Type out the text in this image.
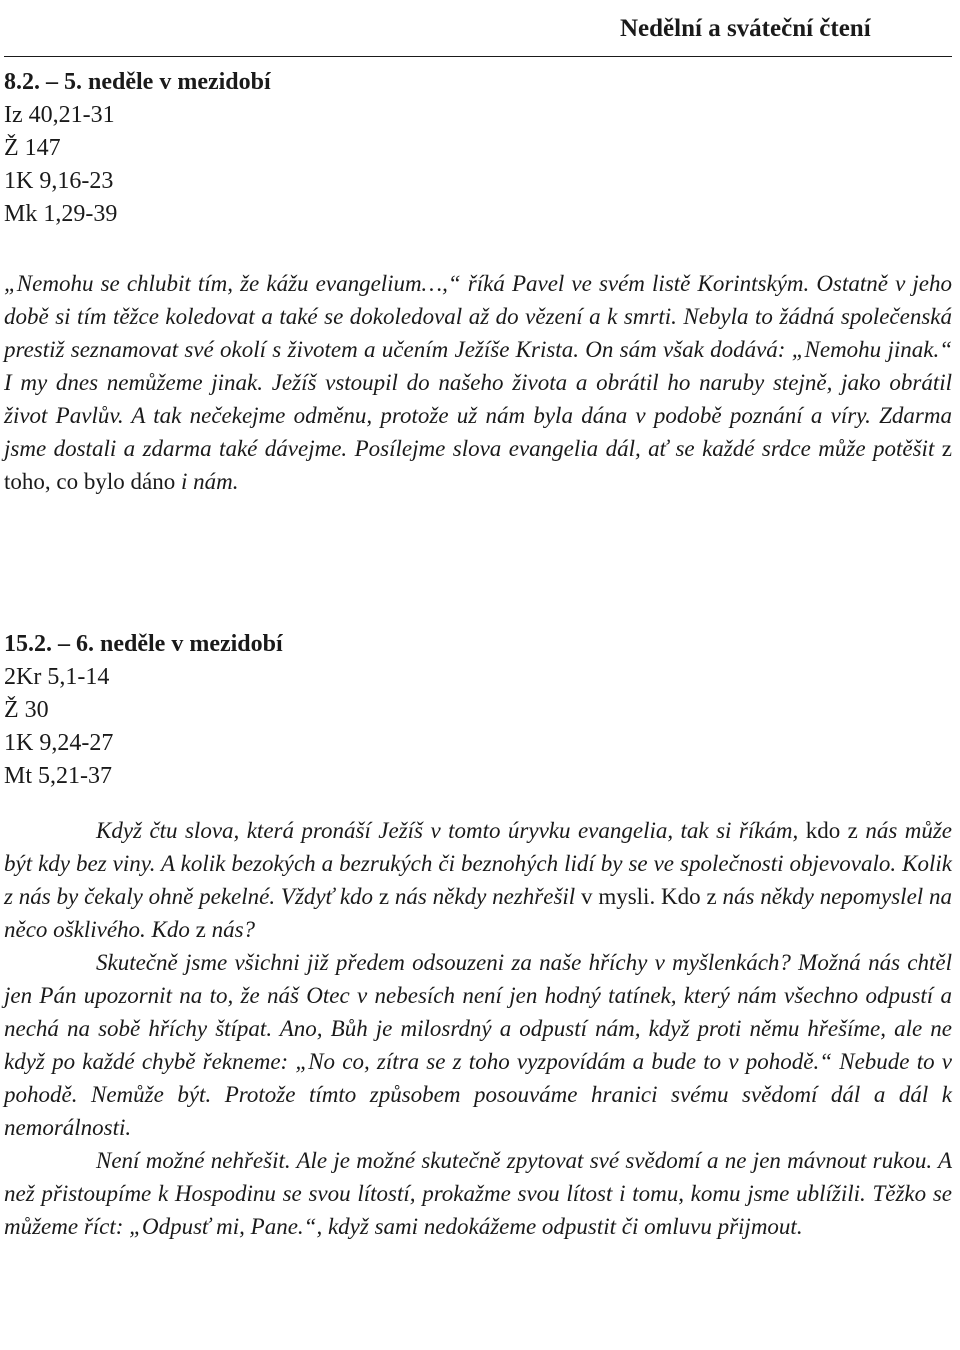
Nedělní a sváteční čtení
8.2. – 5. neděle v mezidobí
Iz 40,21-31
Ž 147
1K 9,16-23
Mk 1,29-39

„Nemohu se chlubit tím, že kážu evangelium…,“ říká Pavel ve svém listě Korintským. Ostatně v jeho době si tím těžce koledovat a také se dokoledoval až do vězení a k smrti. Nebyla to žádná společenská prestiž seznamovat své okolí s životem a učením Ježíše Krista. On sám však dodává: „Nemohu jinak.“ I my dnes nemůžeme jinak. Ježíš vstoupil do našeho života a obrátil ho naruby stejně, jako obrátil život Pavlův. A tak nečekejme odměnu, protože už nám byla dána v podobě poznání a víry. Zdarma jsme dostali a zdarma také dávejme. Posílejme slova evangelia dál, ať se každé srdce může potěšit z toho, co bylo dáno i nám.

15.2. – 6. neděle v mezidobí
2Kr 5,1-14
Ž 30
1K 9,24-27
Mt 5,21-37

Když čtu slova, která pronáší Ježíš v tomto úryvku evangelia, tak si říkám, kdo z nás může být kdy bez viny. A kolik bezokých a bezrukých či beznohých lidí by se ve společnosti objevovalo. Kolik z nás by čekaly ohně pekelné. Vždyť kdo z nás někdy nezhřešil v mysli. Kdo z nás někdy nepomyslel na něco ošklivého. Kdo z nás?

Skutečně jsme všichni již předem odsouzeni za naše hříchy v myšlenkách? Možná nás chtěl jen Pán upozornit na to, že náš Otec v nebesích není jen hodný tatínek, který nám všechno odpustí a nechá na sobě hříchy štípat. Ano, Bůh je milosrdný a odpustí nám, když proti němu hřešíme, ale ne když po každé chybě řekneme: „No co, zítra se z toho vyzpovídám a bude to v pohodě.“ Nebude to v pohodě. Nemůže být. Protože tímto způsobem posouváme hranici svému svědomí dál a dál k nemorálnosti.

Není možné nehřešit. Ale je možné skutečně zpytovat své svědomí a ne jen mávnout rukou. A než přistoupíme k Hospodinu se svou lítostí, prokažme svou lítost i tomu, komu jsme ublížili. Těžko se můžeme říct: „Odpusť mi, Pane.“, když sami nedokážeme odpustit či omluvu přijmout.
